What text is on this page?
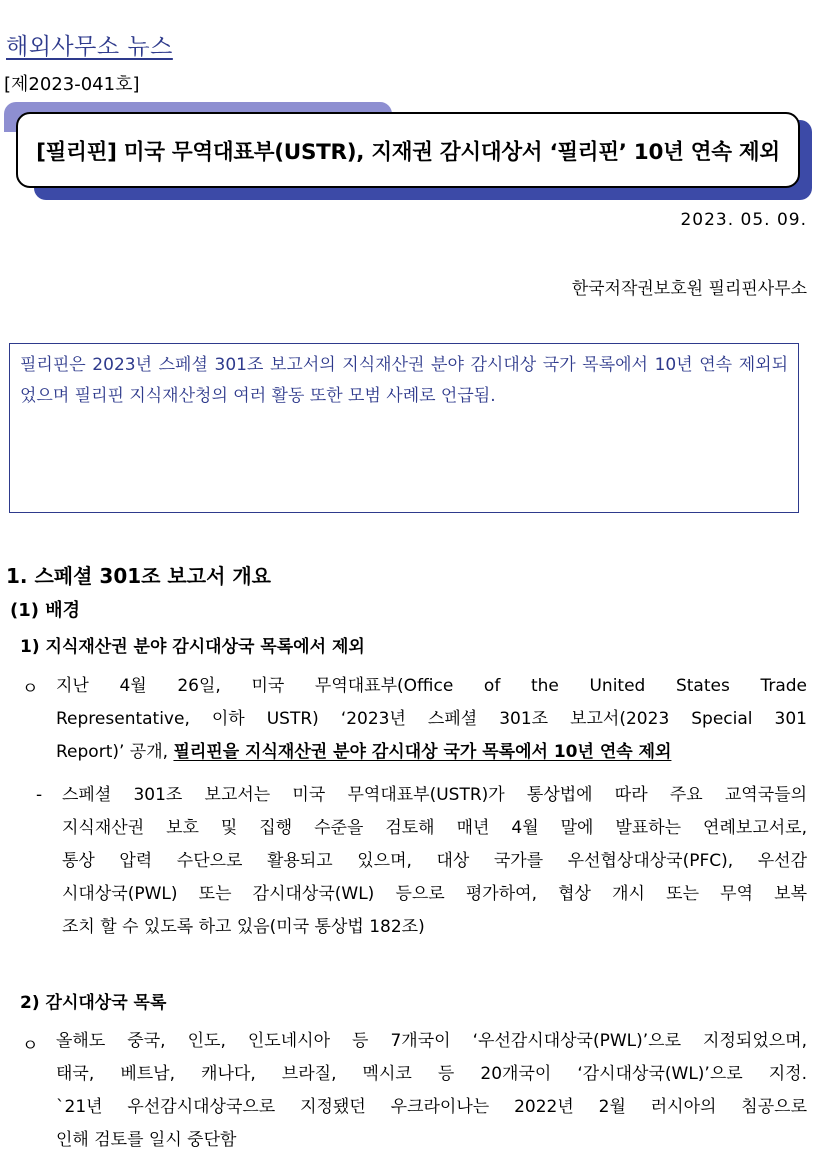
해외사무소 뉴스
[제2023-041호]
[필리핀] 미국 무역대표부(USTR), 지재권 감시대상서 ‘필리핀’ 10년 연속 제외
2023. 05. 09.
한국저작권보호원 필리핀사무소
필리핀은 2023년 스페셜 301조 보고서의 지식재산권 분야 감시대상 국가 목록에서 10년 연속 제외되었으며 필리핀 지식재산청의 여러 활동 또한 모범 사례로 언급됨.
1. 스페셜 301조 보고서 개요
(1) 배경
1) 지식재산권 분야 감시대상국 목록에서 제외
ㅇ 지난 4월 26일, 미국 무역대표부(Office of the United States Trade
Representative, 이하 USTR) ‘2023년 스페셜 301조 보고서(2023 Special 301
Report)’ 공개, 필리핀을 지식재산권 분야 감시대상 국가 목록에서 10년 연속 제외
- 스페셜 301조 보고서는 미국 무역대표부(USTR)가 통상법에 따라 주요 교역국들의
지식재산권 보호 및 집행 수준을 검토해 매년 4월 말에 발표하는 연례보고서로,
통상 압력 수단으로 활용되고 있으며, 대상 국가를 우선협상대상국(PFC), 우선감
시대상국(PWL) 또는 감시대상국(WL) 등으로 평가하여, 협상 개시 또는 무역 보복
조치 할 수 있도록 하고 있음(미국 통상법 182조)
2) 감시대상국 목록
ㅇ 올해도 중국, 인도, 인도네시아 등 7개국이 ‘우선감시대상국(PWL)’으로 지정되었으며,
태국, 베트남, 캐나다, 브라질, 멕시코 등 20개국이 ‘감시대상국(WL)’으로 지정.
`21년 우선감시대상국으로 지정됐던 우크라이나는 2022년 2월 러시아의 침공으로
인해 검토를 일시 중단함
